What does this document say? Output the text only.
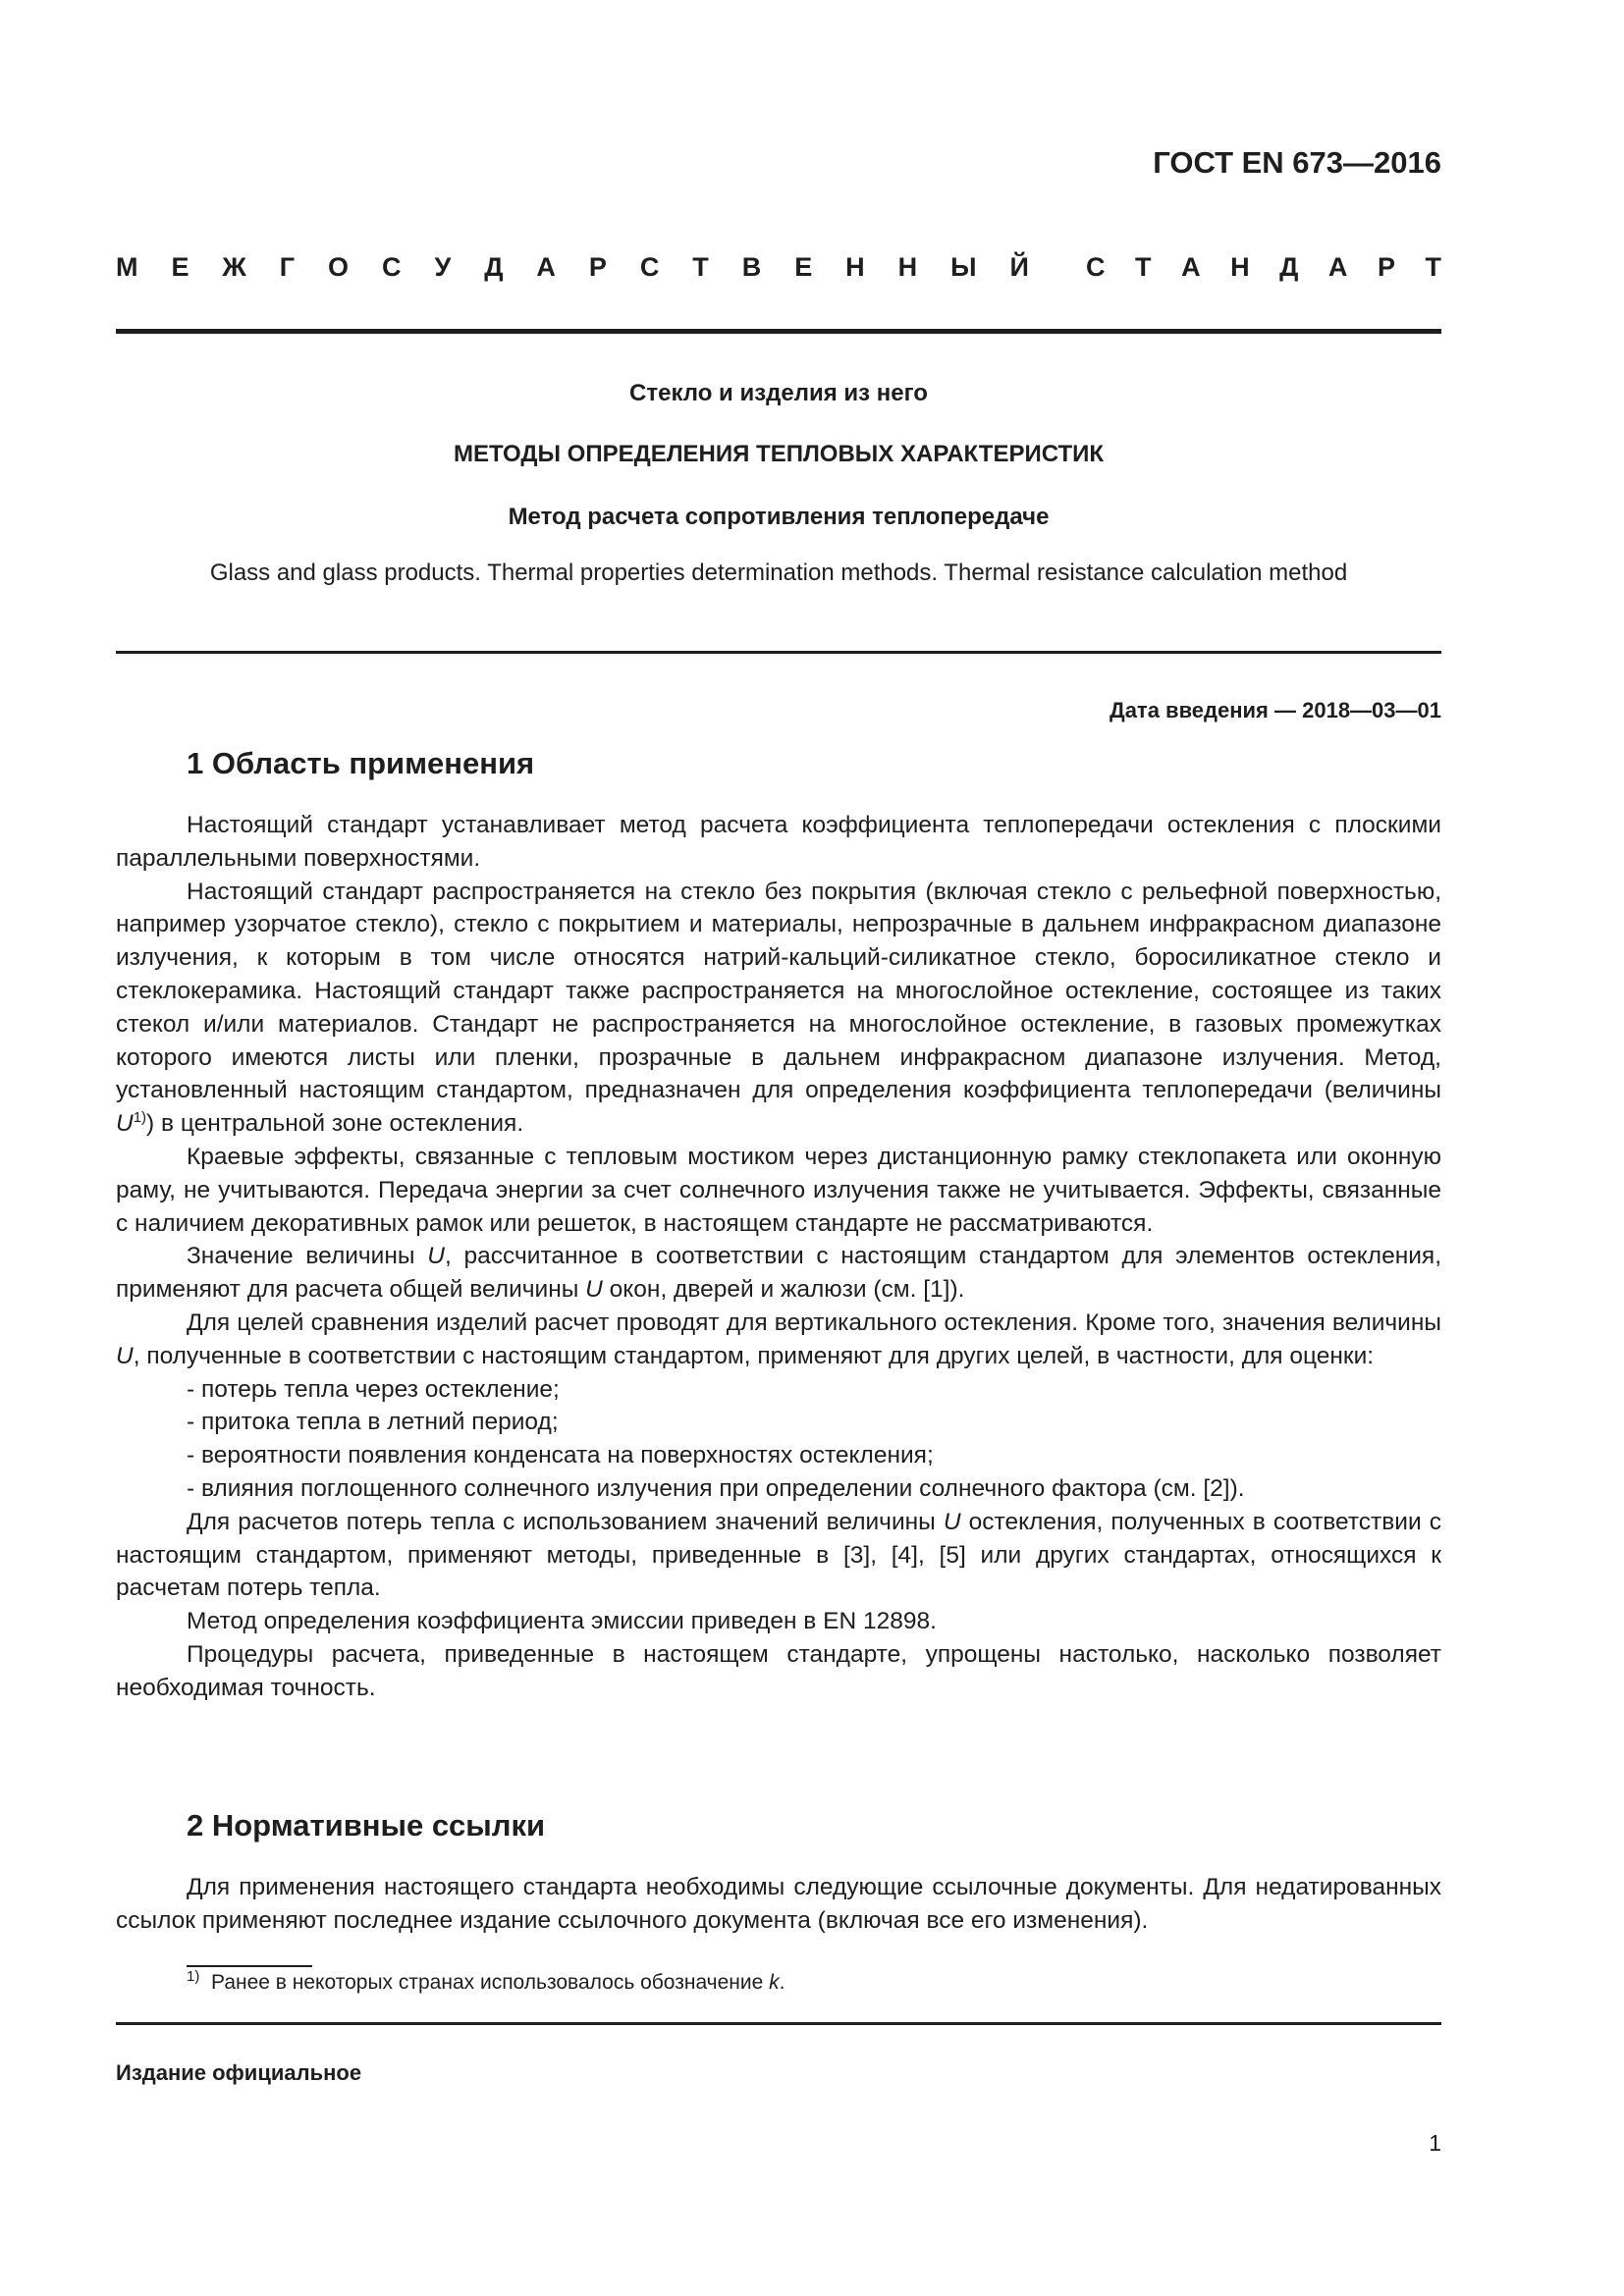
ГОСТ EN 673—2016
М Е Ж Г О С У Д А Р С Т В Е Н Н Ы Й С Т А Н Д А Р Т
Стекло и изделия из него
МЕТОДЫ ОПРЕДЕЛЕНИЯ ТЕПЛОВЫХ ХАРАКТЕРИСТИК
Метод расчета сопротивления теплопередаче
Glass and glass products. Thermal properties determination methods. Thermal resistance calculation method
Дата введения — 2018—03—01
1 Область применения

Настоящий стандарт устанавливает метод расчета коэффициента теплопередачи остекления с плоскими параллельными поверхностями.

Настоящий стандарт распространяется на стекло без покрытия (включая стекло с рельефной поверхностью, например узорчатое стекло), стекло с покрытием и материалы, непрозрачные в дальнем инфракрасном диапазоне излучения, к которым в том числе относятся натрий-кальций-силикатное стекло, боросиликатное стекло и стеклокерамика. Настоящий стандарт также распространяется на многослойное остекление, состоящее из таких стекол и/или материалов. Стандарт не распространяется на многослойное остекление, в газовых промежутках которого имеются листы или пленки, прозрачные в дальнем инфракрасном диапазоне излучения. Метод, установленный настоящим стандартом, предназначен для определения коэффициента теплопередачи (величины $U^{1)}$) в центральной зоне остекления.

Краевые эффекты, связанные с тепловым мостиком через дистанционную рамку стеклопакета или оконную раму, не учитываются. Передача энергии за счет солнечного излучения также не учитывается. Эффекты, связанные с наличием декоративных рамок или решеток, в настоящем стандарте не рассматриваются.

Значение величины U, рассчитанное в соответствии с настоящим стандартом для элементов остекления, применяют для расчета общей величины U окон, дверей и жалюзи (см. [1]).

Для целей сравнения изделий расчет проводят для вертикального остекления. Кроме того, значения величины U, полученные в соответствии с настоящим стандартом, применяют для других целей, в частности, для оценки:

- потерь тепла через остекление;
- притока тепла в летний период;
- вероятности появления конденсата на поверхностях остекления;
- влияния поглощенного солнечного излучения при определении солнечного фактора (см. [2]).

Для расчетов потерь тепла с использованием значений величины U остекления, полученных в соответствии с настоящим стандартом, применяют методы, приведенные в [3], [4], [5] или других стандартах, относящихся к расчетам потерь тепла.

Метод определения коэффициента эмиссии приведен в EN 12898.

Процедуры расчета, приведенные в настоящем стандарте, упрощены настолько, насколько позволяет необходимая точность.

2 Нормативные ссылки

Для применения настоящего стандарта необходимы следующие ссылочные документы. Для недатированных ссылок применяют последнее издание ссылочного документа (включая все его изменения).

$^{1)}$ Ранее в некоторых странах использовалось обозначение k.
Издание официальное
1
